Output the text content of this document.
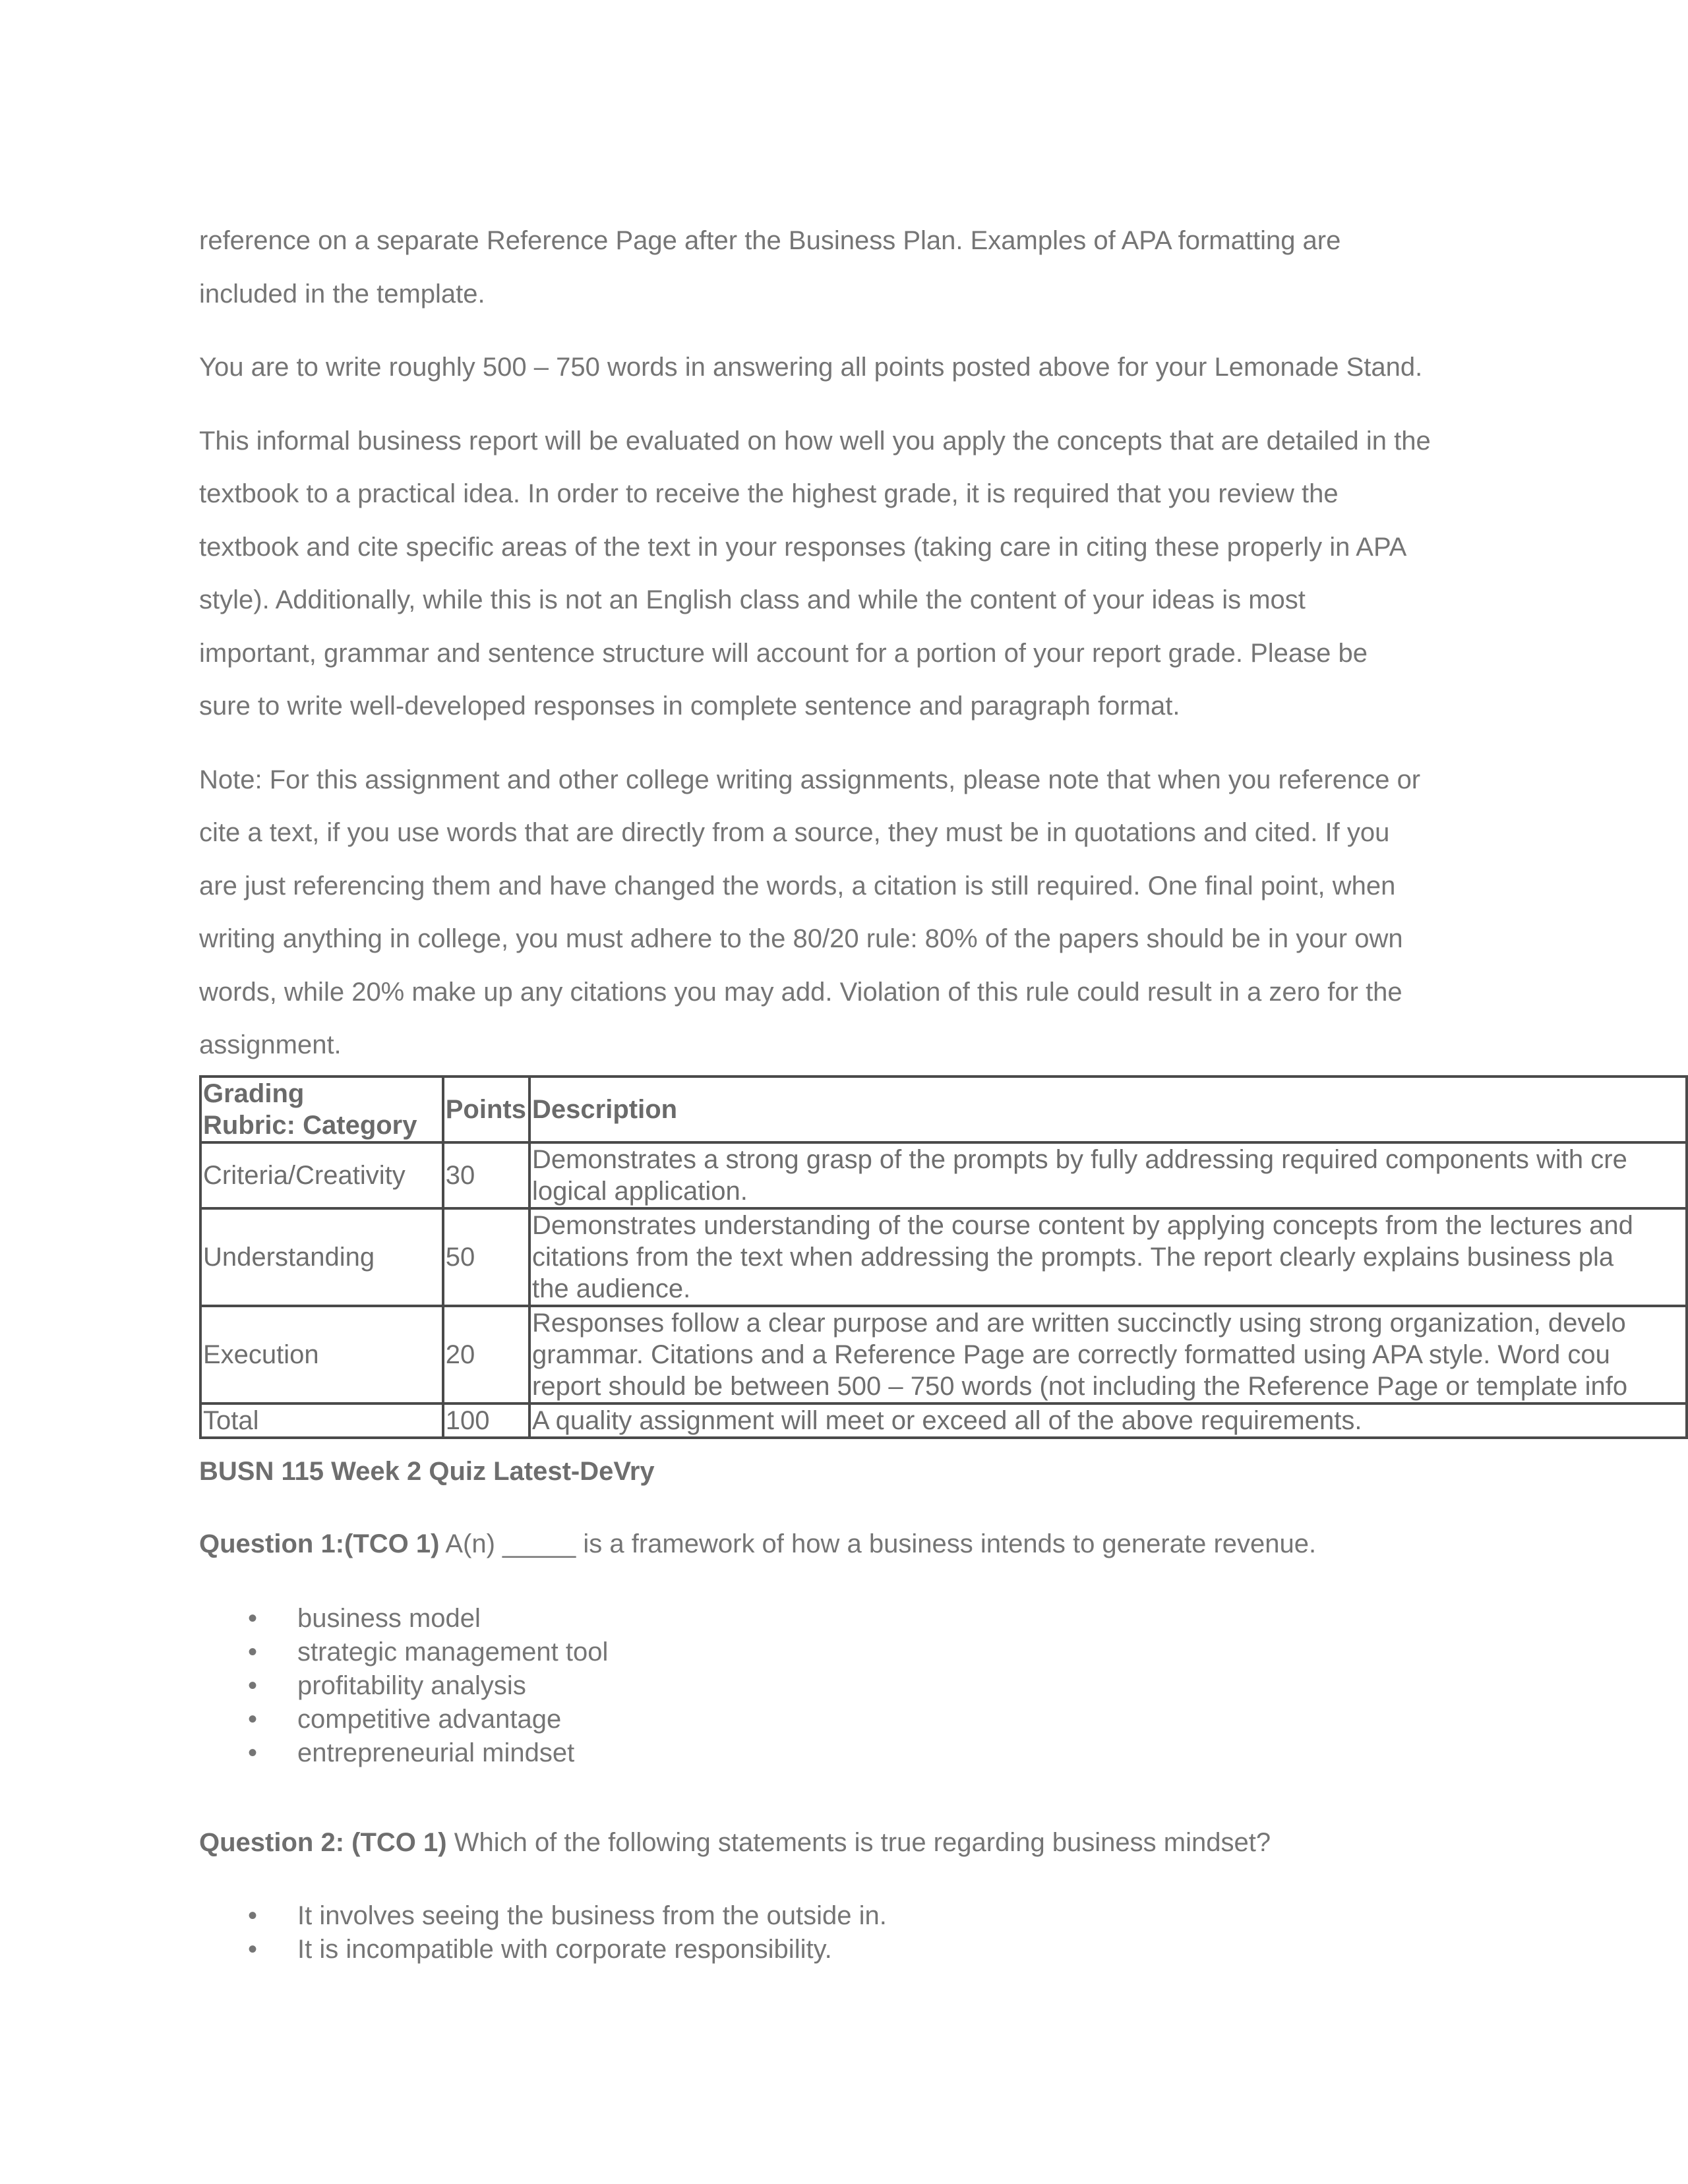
reference on a separate Reference Page after the Business Plan. Examples of APA formatting are
included in the template.
You are to write roughly 500 – 750 words in answering all points posted above for your Lemonade Stand.
This informal business report will be evaluated on how well you apply the concepts that are detailed in the
textbook to a practical idea. In order to receive the highest grade, it is required that you review the
textbook and cite specific areas of the text in your responses (taking care in citing these properly in APA
style). Additionally, while this is not an English class and while the content of your ideas is most
important, grammar and sentence structure will account for a portion of your report grade. Please be
sure to write well-developed responses in complete sentence and paragraph format.
Note: For this assignment and other college writing assignments, please note that when you reference or
cite a text, if you use words that are directly from a source, they must be in quotations and cited. If you
are just referencing them and have changed the words, a citation is still required. One final point, when
writing anything in college, you must adhere to the 80/20 rule: 80% of the papers should be in your own
words, while 20% make up any citations you may add. Violation of this rule could result in a zero for the
assignment.
Grading
Rubric: Category	Points	Description
Criteria/Creativity	30	Demonstrates a strong grasp of the prompts by fully addressing required components with cre
logical application.

Understanding	50	Demonstrates understanding of the course content by applying concepts from the lectures and
citations from the text when addressing the prompts. The report clearly explains business pla
the audience.

Execution	20	Responses follow a clear purpose and are written succinctly using strong organization, develo
grammar. Citations and a Reference Page are correctly formatted using APA style. Word cou
report should be between 500 – 750 words (not including the Reference Page or template info

Total	100	A quality assignment will meet or exceed all of the above requirements.

BUSN 115 Week 2 Quiz Latest-DeVry

Question 1:(TCO 1) A(n) _____ is a framework of how a business intends to generate revenue.

• business model
• strategic management tool
• profitability analysis
• competitive advantage
• entrepreneurial mindset

Question 2: (TCO 1) Which of the following statements is true regarding business mindset?

• It involves seeing the business from the outside in.
• It is incompatible with corporate responsibility.
